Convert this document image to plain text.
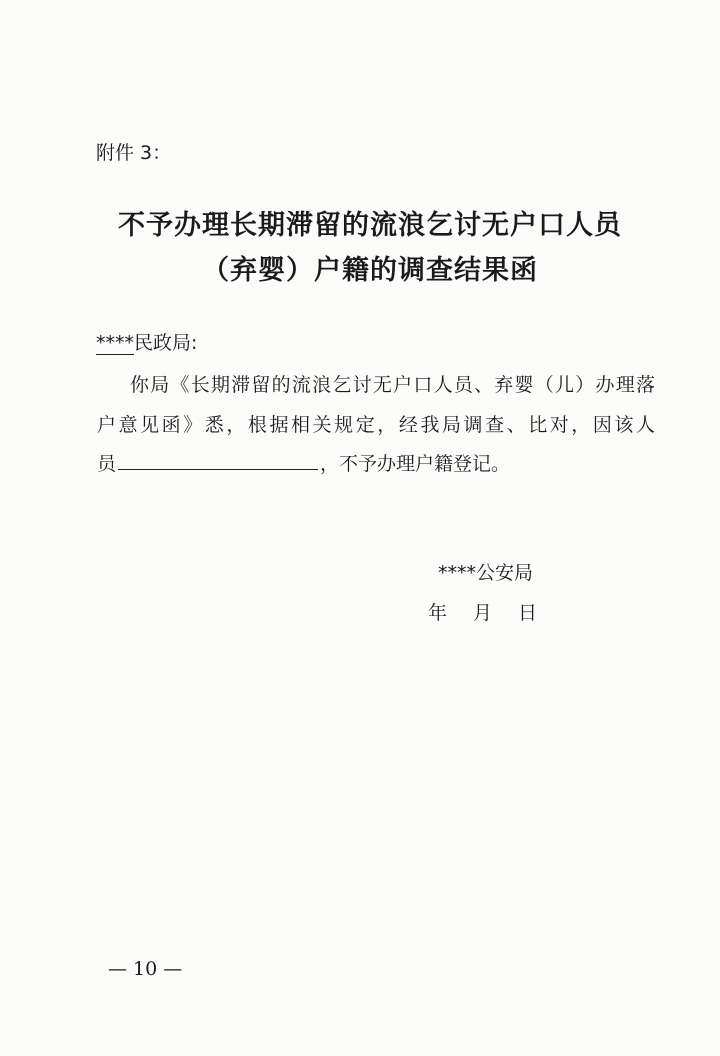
附件 3：
不予办理长期滞留的流浪乞讨无户口人员
（弃婴）户籍的调查结果函
****民政局:
你局《长期滞留的流浪乞讨无户口人员、弃婴（儿）办理落
户意见函》悉，根据相关规定，经我局调查、比对，因该人
员	，不予办理户籍登记。
****公安局
年 月 日
— 10 —
